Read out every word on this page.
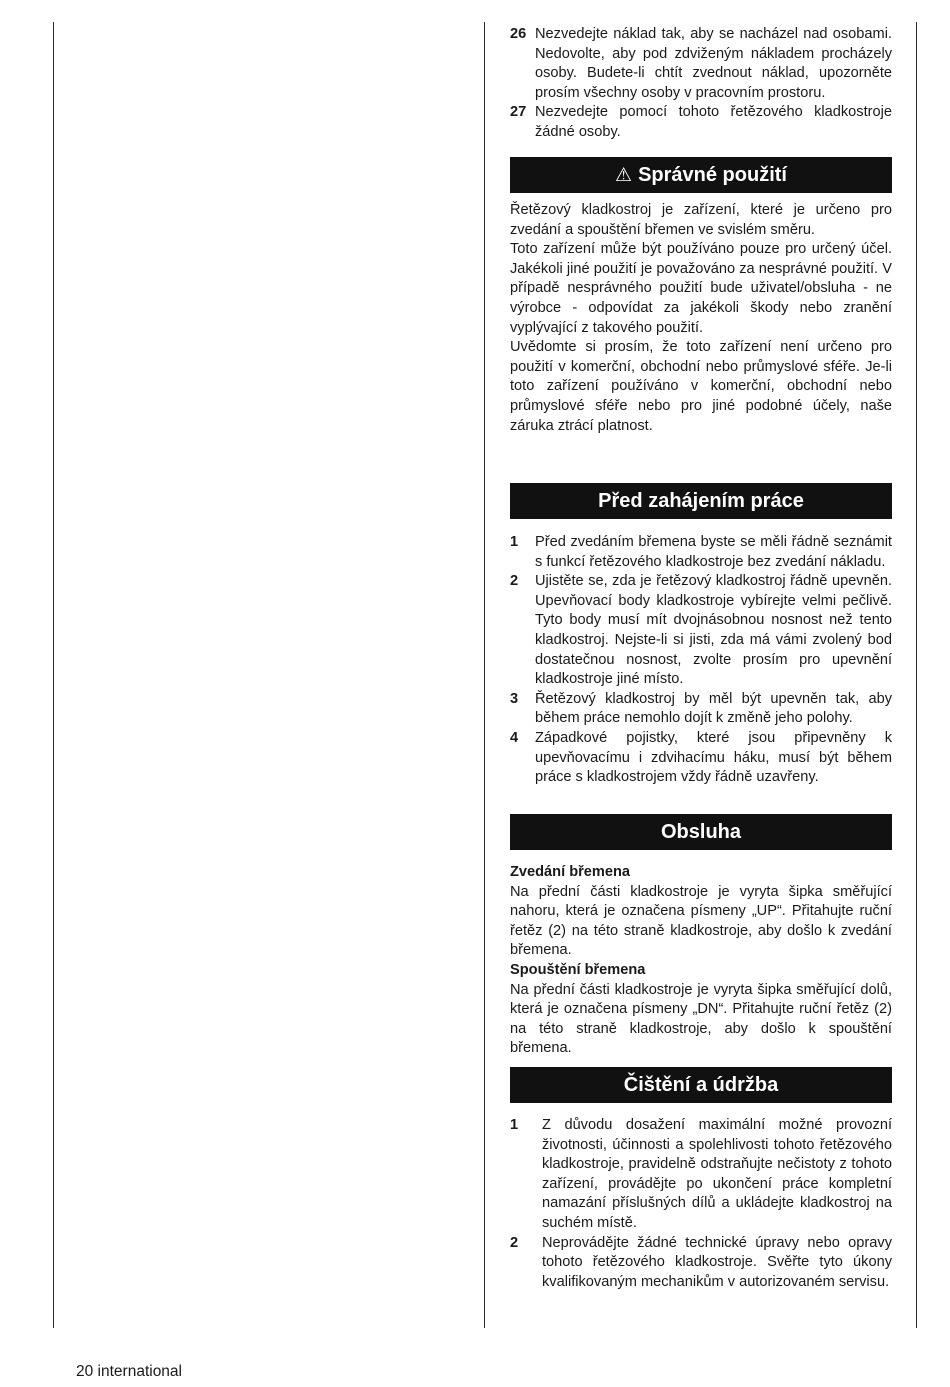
26 Nezvedejte náklad tak, aby se nacházel nad osobami. Nedovolte, aby pod zdviženým nákladem procházely osoby. Budete-li chtít zvednout náklad, upozorněte prosím všechny osoby v pracovním prostoru.
27 Nezvedejte pomocí tohoto řetězového kladkostroje žádné osoby.
⚠ Správné použití

Řetězový kladkostroj je zařízení, které je určeno pro zvedání a spouštění břemen ve svislém směru.

Toto zařízení může být používáno pouze pro určený účel. Jakékoli jiné použití je považováno za nesprávné použití. V případě nesprávného použití bude uživatel/obsluha - ne výrobce - odpovídat za jakékoli škody nebo zranění vyplývající z takového použití.

Uvědomte si prosím, že toto zařízení není určeno pro použití v komerční, obchodní nebo průmyslové sféře. Je-li toto zařízení používáno v komerční, obchodní nebo průmyslové sféře nebo pro jiné podobné účely, naše záruka ztrácí platnost.

Před zahájením práce
1	Před zvedáním břemena byste se měli řádně seznámit s funkcí řetězového kladkostroje bez zvedání nákladu.
2	Ujistěte se, zda je řetězový kladkostroj řádně upevněn. Upevňovací body kladkostroje vybírejte velmi pečlivě. Tyto body musí mít dvojnásobnou nosnost než tento kladkostroj. Nejste-li si jisti, zda má vámi zvolený bod dostatečnou nosnost, zvolte prosím pro upevnění kladkostroje jiné místo.
3	Řetězový kladkostroj by měl být upevněn tak, aby během práce nemohlo dojít k změně jeho polohy.
4	Západkové pojistky, které jsou připevněny k upevňovacímu i zdvihacímu háku, musí být během práce s kladkostrojem vždy řádně uzavřeny.
Obsluha

Zvedání břemena

Na přední části kladkostroje je vyryta šipka směřující nahoru, která je označena písmeny „UP“. Přitahujte ruční řetěz (2) na této straně kladkostroje, aby došlo k zvedání břemena.

Spouštění břemena

Na přední části kladkostroje je vyryta šipka směřující dolů, která je označena písmeny „DN“. Přitahujte ruční řetěz (2) na této straně kladkostroje, aby došlo k spouštění břemena.

Čištění a údržba
1	Z důvodu dosažení maximální možné provozní životnosti, účinnosti a spolehlivosti tohoto řetězového kladkostroje, pravidelně odstraňujte nečistoty z tohoto zařízení, provádějte po ukončení práce kompletní namazání příslušných dílů a ukládejte kladkostroj na suchém místě.
2	Neprovádějte žádné technické úpravy nebo opravy tohoto řetězového kladkostroje. Svěřte tyto úkony kvalifikovaným mechanikům v autorizovaném servisu.
20 international
